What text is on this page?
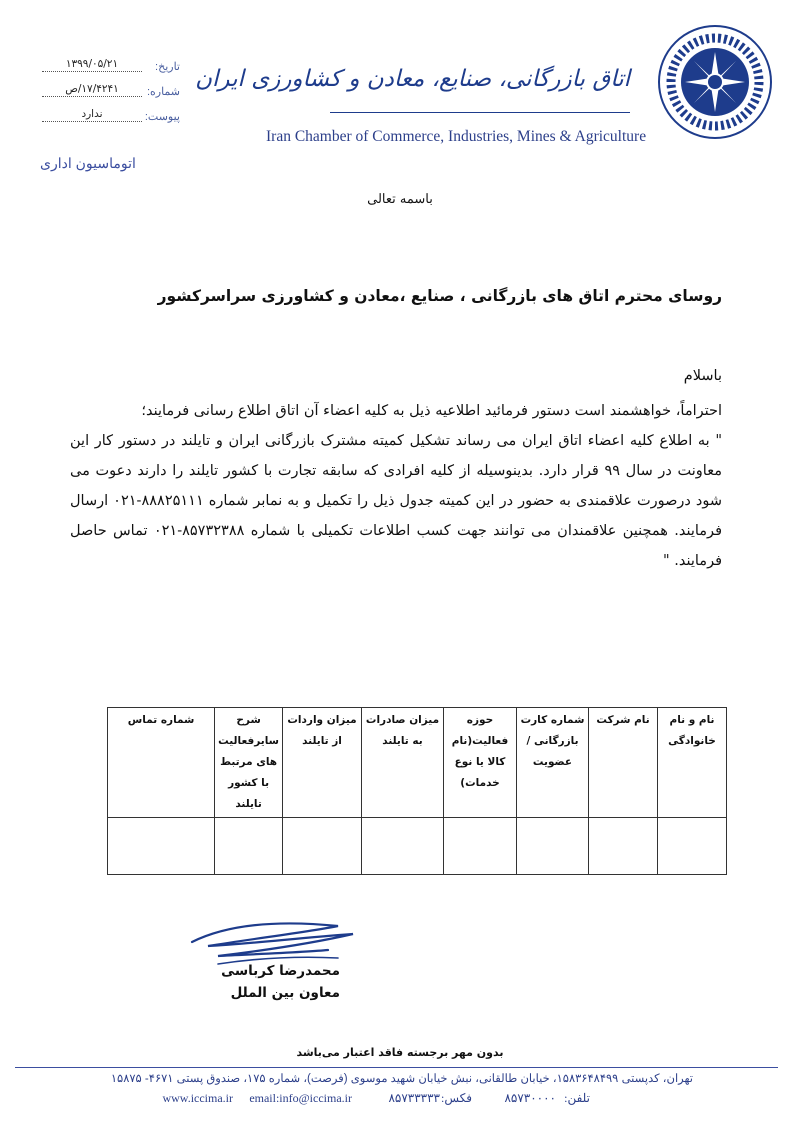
اتاق بازرگانی، صنایع، معادن و کشاورزی ایران
Iran Chamber of Commerce, Industries, Mines & Agriculture
تاریخ:
۱۳۹۹/۰۵/۲۱
شماره:
۱۷/۴۲۴۱/ص
پیوست:
ندارد
اتوماسیون اداری
باسمه تعالی
روسای محترم اتاق های بازرگانی ، صنایع ،معادن و کشاورزی سراسرکشور
باسلام

احتراماً، خواهشمند است دستور فرمائید اطلاعیه ذیل به کلیه اعضاء آن اتاق اطلاع رسانی فرمایند؛

" به اطلاع کلیه اعضاء اتاق ایران می رساند تشکیل کمیته مشترک بازرگانی ایران و تایلند در دستور کار این معاونت در سال ۹۹ قرار دارد. بدینوسیله از کلیه افرادی که سابقه تجارت با کشور تایلند را دارند دعوت می شود درصورت علاقمندی به حضور در این کمیته جدول ذیل را تکمیل و به نمابر شماره ۸۸۸۲۵۱۱۱-۰۲۱ ارسال فرمایند. همچنین علاقمندان می توانند جهت کسب اطلاعات تکمیلی با شماره ۸۵۷۳۲۳۸۸-۰۲۱ تماس حاصل فرمایند. "

نام و نام خانوادگی	نام شرکت	شماره کارت بازرگانی / عضویت	حوزه فعالیت(نام کالا یا نوع خدمات)	میزان صادرات به تایلند	میزان واردات از تایلند	شرح سایرفعالیت های مرتبط با کشور تایلند	شماره تماس

محمدرضا کرباسی
معاون بین الملل
بدون مهر برجسته فاقد اعتبار می‌باشد
تهران، کدپستی ۱۵۸۳۶۴۸۴۹۹، خیابان طالقانی، نبش خیابان شهید موسوی (فرصت)، شماره ۱۷۵، صندوق پستی ۴۶۷۱- ۱۵۸۷۵
تلفن:
۸۵۷۳۰۰۰۰
فکس:
۸۵۷۳۳۳۳۳
email:info@iccima.ir
www.iccima.ir
